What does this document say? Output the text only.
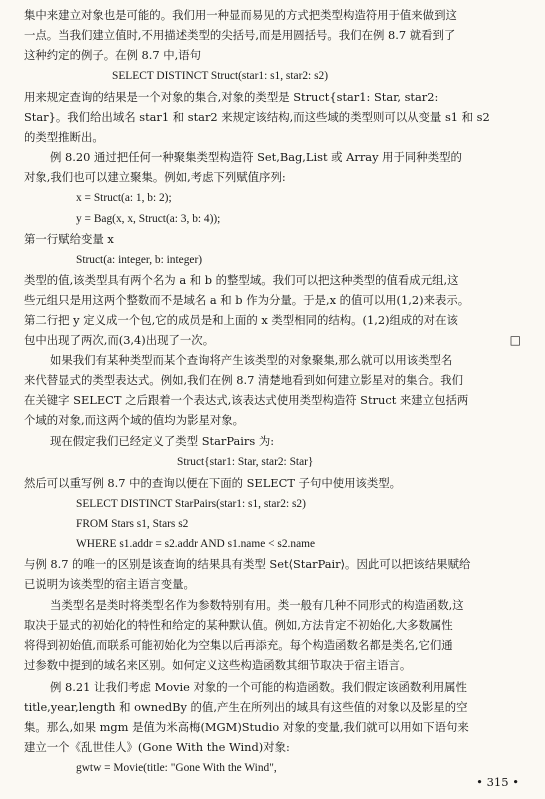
集中来建立对象也是可能的。我们用一种显而易见的方式把类型构造符用于值来做到这
一点。当我们建立值时,不用描述类型的尖括号,而是用圆括号。我们在例 8.7 就看到了
这种约定的例子。在例 8.7 中,语句
SELECT DISTINCT Struct(star1: s1, star2: s2)
用来规定查询的结果是一个对象的集合,对象的类型是 Struct{star1: Star, star2:
Star}。我们给出域名 star1 和 star2 来规定该结构,而这些域的类型则可以从变量 s1 和 s2
的类型推断出。
例 8.20 通过把任何一种聚集类型构造符 Set,Bag,List 或 Array 用于同种类型的
对象,我们也可以建立聚集。例如,考虑下列赋值序列:
x = Struct(a: 1, b: 2);
y = Bag(x, x, Struct(a: 3, b: 4));
第一行赋给变量 x
Struct(a: integer, b: integer)
类型的值,该类型具有两个名为 a 和 b 的整型域。我们可以把这种类型的值看成元组,这
些元组只是用这两个整数而不是域名 a 和 b 作为分量。于是,x 的值可以用(1,2)来表示。
第二行把 y 定义成一个包,它的成员是和上面的 x 类型相同的结构。(1,2)组成的对在该
包中出现了两次,而(3,4)出现了一次。	□
如果我们有某种类型而某个查询将产生该类型的对象聚集,那么就可以用该类型名
来代替显式的类型表达式。例如,我们在例 8.7 清楚地看到如何建立影星对的集合。我们
在关键字 SELECT 之后跟着一个表达式,该表达式使用类型构造符 Struct 来建立包括两
个域的对象,而这两个域的值均为影星对象。
现在假定我们已经定义了类型 StarPairs 为:
Struct{star1: Star, star2: Star}
然后可以重写例 8.7 中的查询以便在下面的 SELECT 子句中使用该类型。
SELECT DISTINCT StarPairs(star1: s1, star2: s2)
FROM Stars s1, Stars s2
WHERE s1.addr = s2.addr AND s1.name < s2.name
与例 8.7 的唯一的区别是该查询的结果具有类型 Set⟨StarPair⟩。因此可以把该结果赋给
已说明为该类型的宿主语言变量。
当类型名是类时将类型名作为参数特别有用。类一般有几种不同形式的构造函数,这
取决于显式的初始化的特性和给定的某种默认值。例如,方法肯定不初始化,大多数属性
将得到初始值,而联系可能初始化为空集以后再添充。每个构造函数名都是类名,它们通
过参数中提到的域名来区别。如何定义这些构造函数其细节取决于宿主语言。
例 8.21 让我们考虑 Movie 对象的一个可能的构造函数。我们假定该函数利用属性
title,year,length 和 ownedBy 的值,产生在所列出的域具有这些值的对象以及影星的空
集。那么,如果 mgm 是值为米高梅(MGM)Studio 对象的变量,我们就可以用如下语句来
建立一个《乱世佳人》(Gone With the Wind)对象:
gwtw = Movie(title: "Gone With the Wind",
• 315 •
